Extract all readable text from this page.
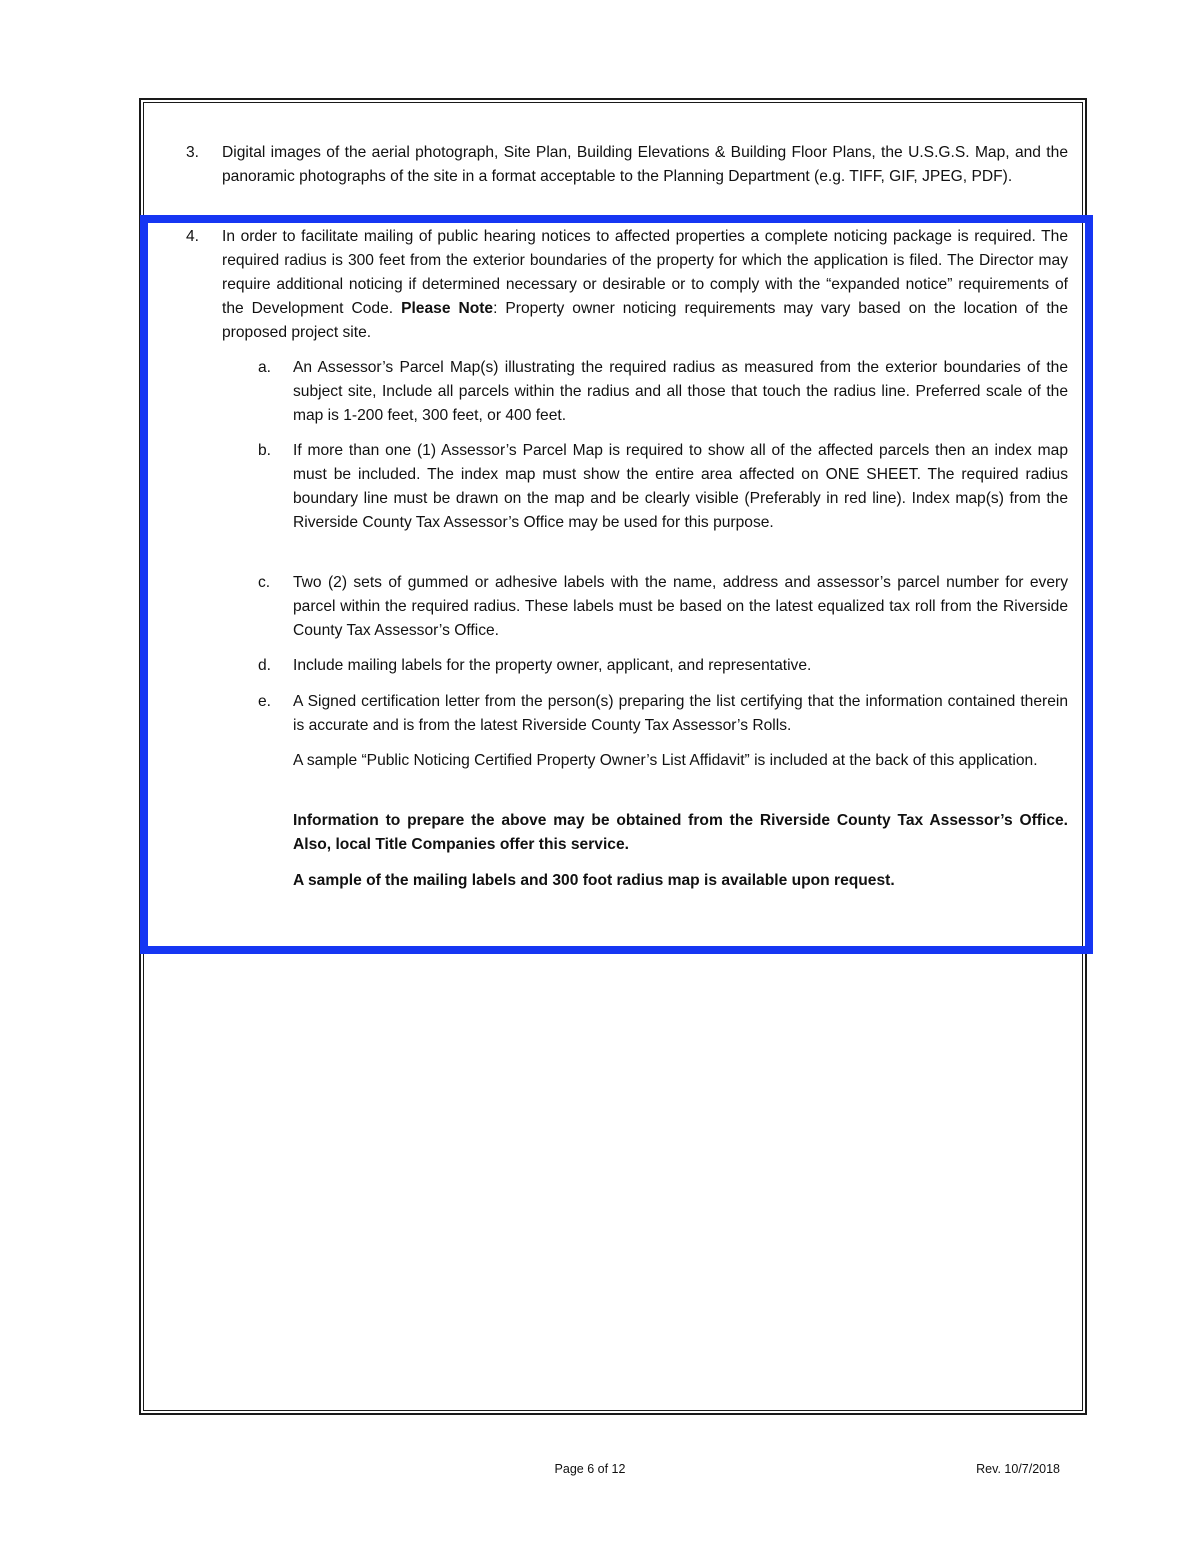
3. Digital images of the aerial photograph, Site Plan, Building Elevations & Building Floor Plans, the U.S.G.S. Map, and the panoramic photographs of the site in a format acceptable to the Planning Department (e.g. TIFF, GIF, JPEG, PDF).
4. In order to facilitate mailing of public hearing notices to affected properties a complete noticing package is required. The required radius is 300 feet from the exterior boundaries of the property for which the application is filed. The Director may require additional noticing if determined necessary or desirable or to comply with the “expanded notice” requirements of the Development Code. Please Note: Property owner noticing requirements may vary based on the location of the proposed project site.
a. An Assessor’s Parcel Map(s) illustrating the required radius as measured from the exterior boundaries of the subject site, Include all parcels within the radius and all those that touch the radius line. Preferred scale of the map is 1-200 feet, 300 feet, or 400 feet.
b. If more than one (1) Assessor’s Parcel Map is required to show all of the affected parcels then an index map must be included. The index map must show the entire area affected on ONE SHEET. The required radius boundary line must be drawn on the map and be clearly visible (Preferably in red line). Index map(s) from the Riverside County Tax Assessor’s Office may be used for this purpose.
c. Two (2) sets of gummed or adhesive labels with the name, address and assessor’s parcel number for every parcel within the required radius. These labels must be based on the latest equalized tax roll from the Riverside County Tax Assessor’s Office.
d. Include mailing labels for the property owner, applicant, and representative.
e. A Signed certification letter from the person(s) preparing the list certifying that the information contained therein is accurate and is from the latest Riverside County Tax Assessor’s Rolls.
A sample “Public Noticing Certified Property Owner’s List Affidavit” is included at the back of this application.
Information to prepare the above may be obtained from the Riverside County Tax Assessor’s Office. Also, local Title Companies offer this service.
A sample of the mailing labels and 300 foot radius map is available upon request.
Page 6 of 12	Rev. 10/7/2018
